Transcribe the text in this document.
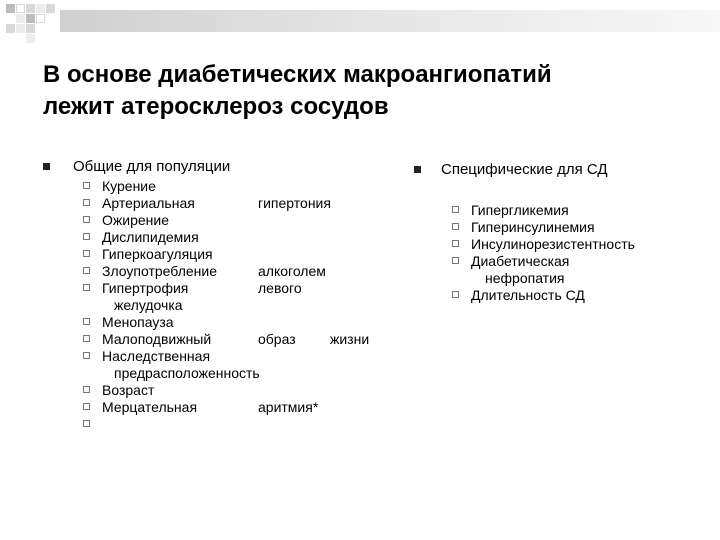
В основе диабетических макроангиопатий
лежит атеросклероз сосудов
Общие для популяции	Специфические для СД
Курение
Артериальная	гипертония
Ожирение
Дислипидемия
Гиперкоагуляция
Злоупотребление	алкоголем
Гипертрофия	левого
желудочка
Менопауза
Малоподвижный	образ жизни
Наследственная
предрасположенность
Возраст
Мерцательная	аритмия*
Гипергликемия
Гиперинсулинемия
Инсулинорезистентность
Диабетическая
нефропатия
Длительность СД
